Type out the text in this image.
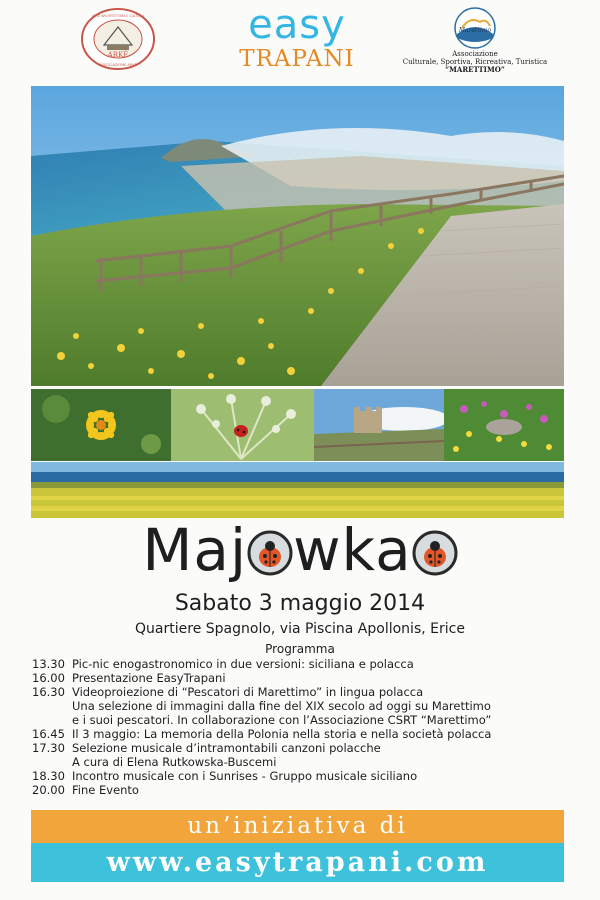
ARKÈ
ARTE ARCHITETTURA E CULTURA
ASSOCIAZIONE ARKÈ
easy
TRAPANI
Marettimo
Associazione
Culturale, Sportiva, Ricreativa, Turistica
“MARETTIMO”
Maj wka
Sabato 3 maggio 2014
Quartiere Spagnolo, via Piscina Apollonis, Erice
Programma
13.30 Pic-nic enogastronomico in due versioni: siciliana e polacca
16.00 Presentazione EasyTrapani
16.30 Videoproiezione di “Pescatori di Marettimo” in lingua polacca
Una selezione di immagini dalla fine del XIX secolo ad oggi su Marettimo
e i suoi pescatori. In collaborazione con l’Associazione CSRT “Marettimo”
16.45 Il 3 maggio: La memoria della Polonia nella storia e nella società polacca
17.30 Selezione musicale d’intramontabili canzoni polacche
A cura di Elena Rutkowska-Buscemi
18.30 Incontro musicale con i Sunrises - Gruppo musicale siciliano
20.00 Fine Evento
un’iniziativa di
www.easytrapani.com
